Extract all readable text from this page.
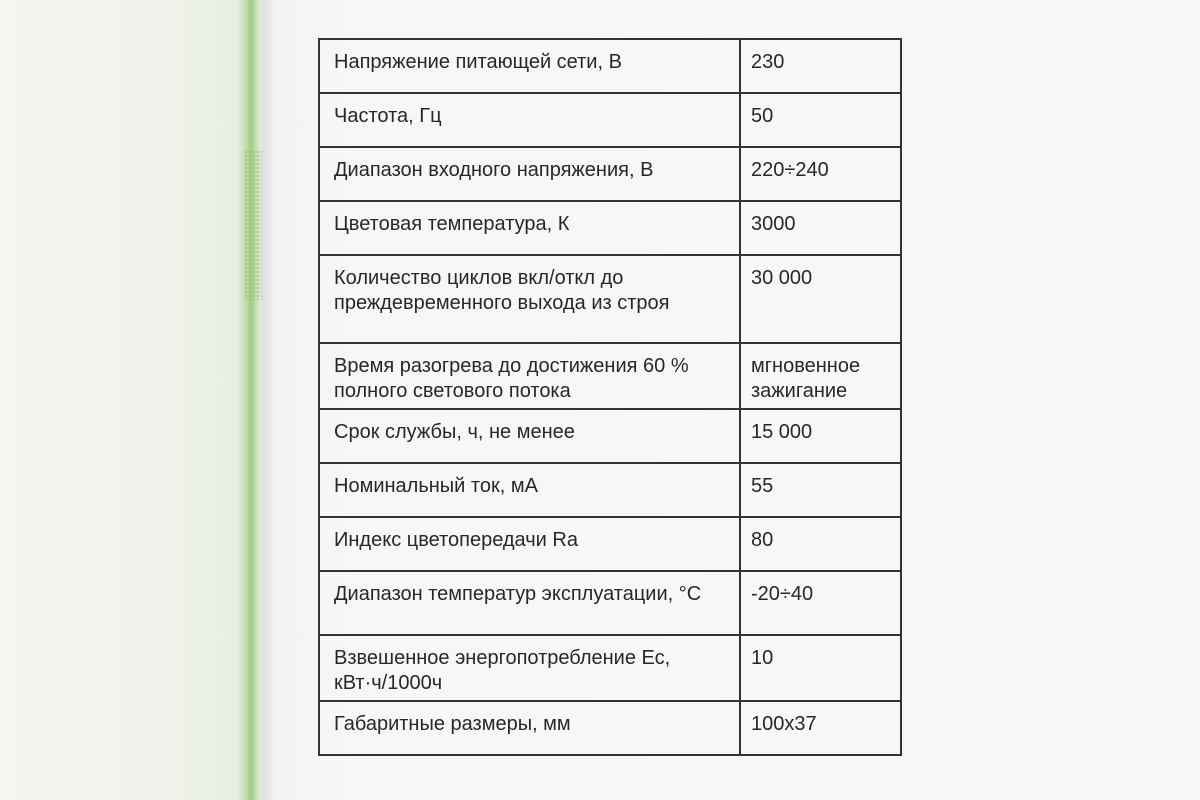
Напряжение питающей сети, В	230
Частота, Гц	50
Диапазон входного напряжения, В	220÷240
Цветовая температура, К	3000
Количество циклов вкл/откл до преждевременного выхода из строя	30 000
Время разогрева до достижения 60 % полного светового потока	мгновенное зажигание
Срок службы, ч, не менее	15 000
Номинальный ток, мА	55
Индекс цветопередачи Ra	80
Диапазон температур эксплуатации, °С	-20÷40
Взвешенное энергопотребление Ес, кВт·ч/1000ч	10
Габаритные размеры, мм	100х37
